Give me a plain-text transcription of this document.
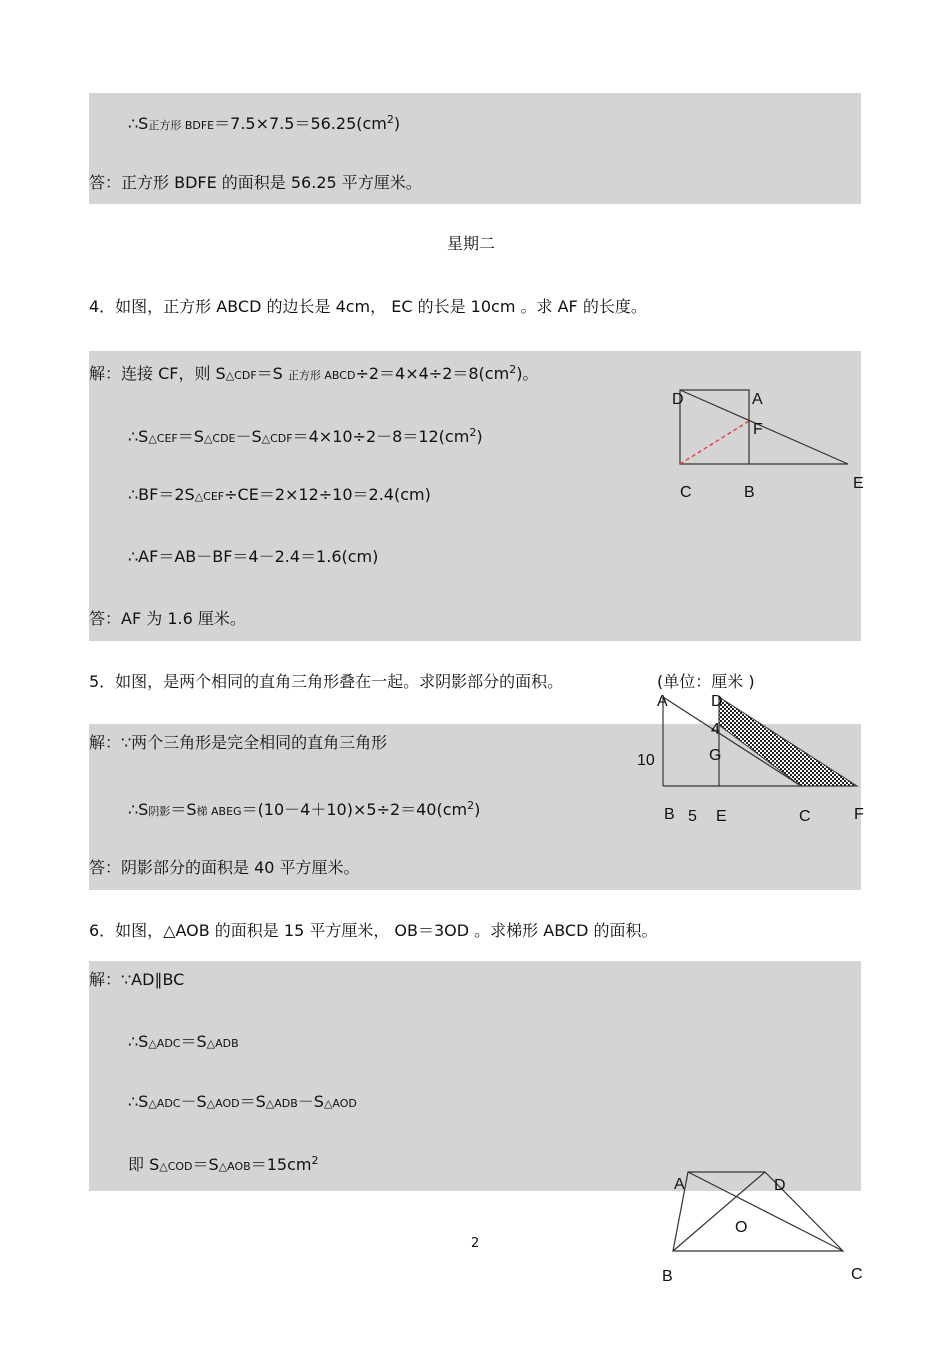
∴S正方形 $BDFE=7.5\times 7.5=56.25(cm^2)$
答：正方形 BDFE 的面积是 56.25 平方厘米。
星期二
4．如图，正方形 ABCD 的边长是 4cm， EC 的长是 10cm 。求 AF 的长度。
解：连接 CF，则 S△CDF＝S 正方形 $ABCD\div 2=4\times 4\div 2=8(cm^2)$。
$\therefore S\triangle CEF=S\triangle CDE-S\triangle CDF=4\times 10\div 2-8=12(cm^2)$
∴BF＝2S△CEF÷CE＝2×12÷10＝2.4(cm)
∴AF＝AB－BF＝4－2.4＝1.6(cm)
答：AF 为 1.6 厘米。
D	A
F
C	B
E
5．如图，是两个相同的直角三角形叠在一起。求阴影部分的面积。	(单位：厘米 )
解：∵两个三角形是完全相同的直角三角形
∴S阴影＝S梯 $ABEG=(10-4+10)\times 5\div 2=40(cm^2)$
答：阴影部分的面积是 40 平方厘米。
A	D
4
G
10
B 5 E	C	F
6．如图，△AOB 的面积是 15 平方厘米， OB＝3OD 。求梯形 ABCD 的面积。
解：∵AD∥BC
∴S△ADC＝S△ADB
∴S△ADC－S△AOD＝S△ADB－S△AOD
即 $S\triangle COD=S\triangle AOB=15cm^2$
A	D
O
B	C
2
